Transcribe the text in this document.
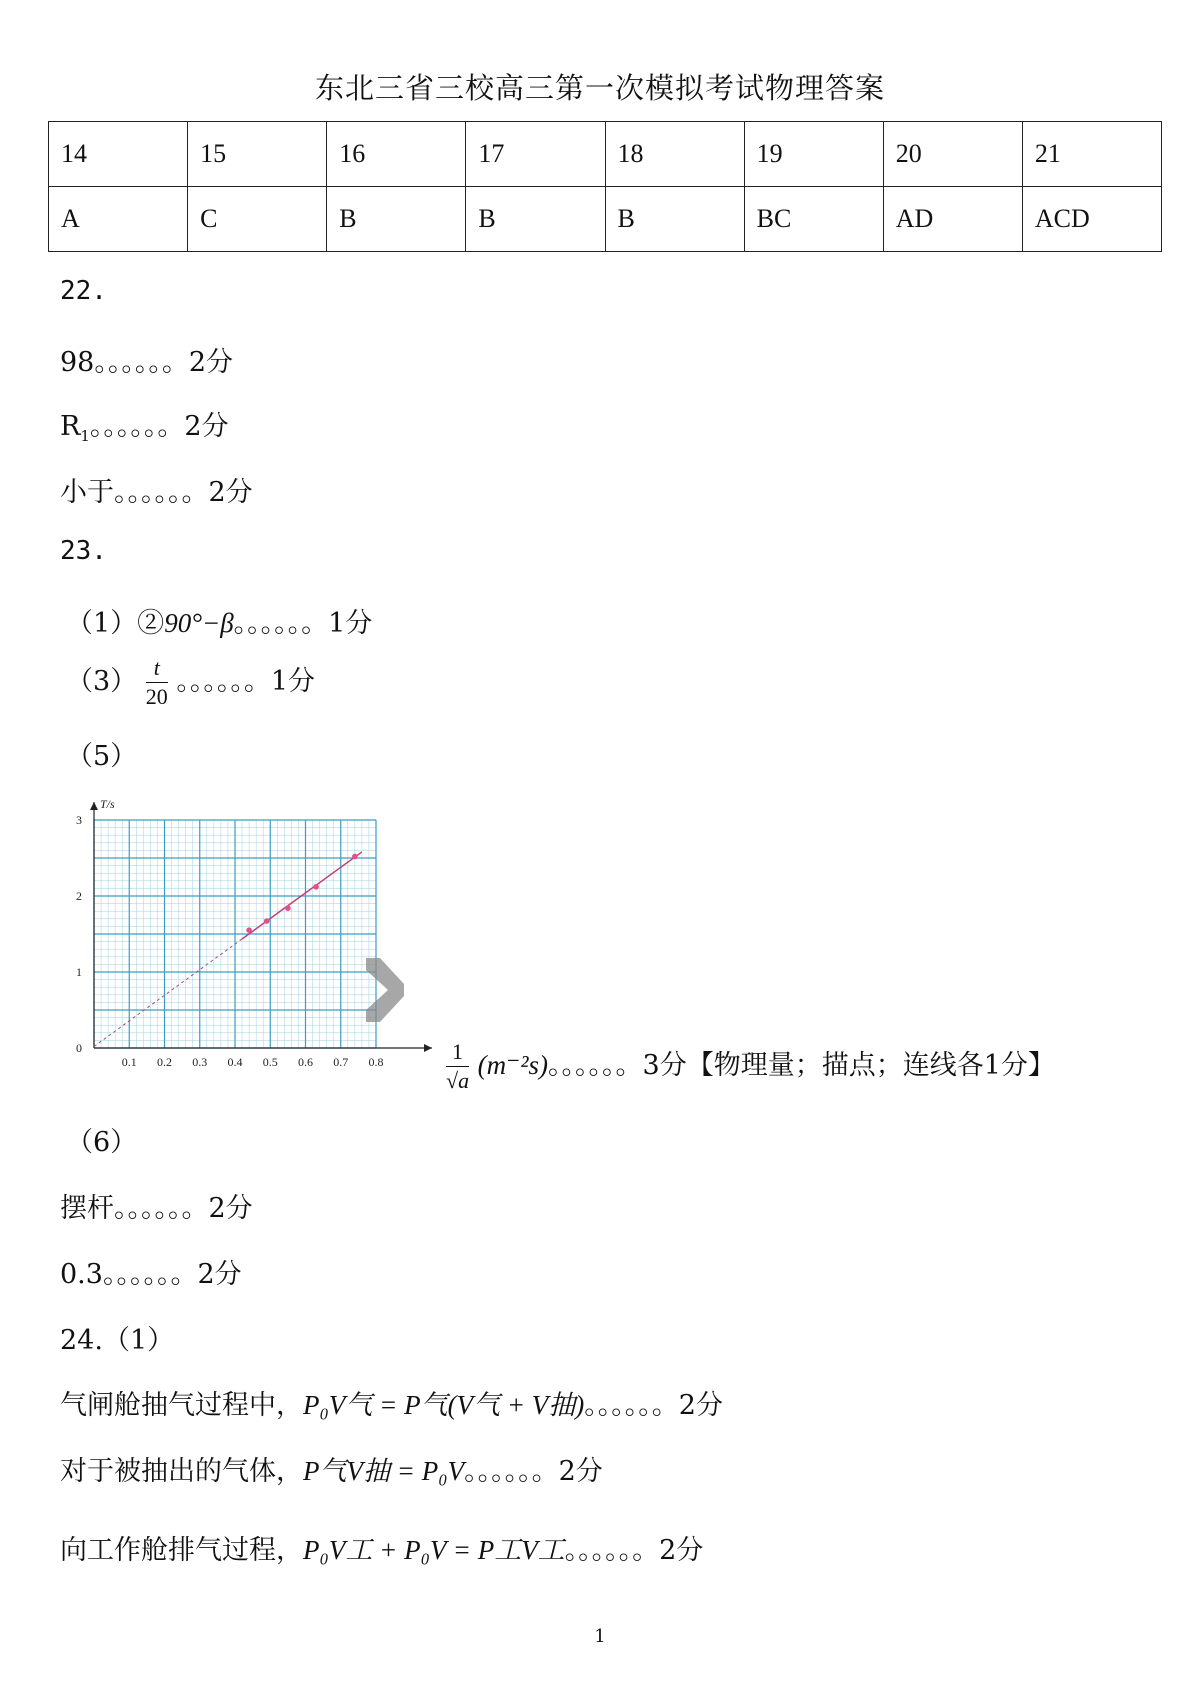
东北三省三校高三第一次模拟考试物理答案
14	15	16	17	18	19	20	21
A	C	B	B	B	BC	AD	ACD
22.
98。。。。。。2分
$R_1$。。。。。。2分
小于。。。。。。2分
23.
（1）②90°−β。。。。。。1分
$(3) \frac{t}{20}$ 。。。。。。1分
（5）
T/s
0.1 0.2 0.3 0.4 0.5 0.6 0.7 0.8
0
1
2
3
$\frac{1}{√a} (m^{-2}s)$。。。。。。3分【物理量；描点；连线各1分】
（6）
摆杆。。。。。。2分
0.3。。。。。。2分
24.（1）
气闸舱抽气过程中，P₀V气 = P气(V气 + V抽)。。。。。。2分
对于被抽出的气体，P气V抽 = P₀V。。。。。。2分
向工作舱排气过程，P₀V工 + P₀V = P工V工。。。。。。2分
1
